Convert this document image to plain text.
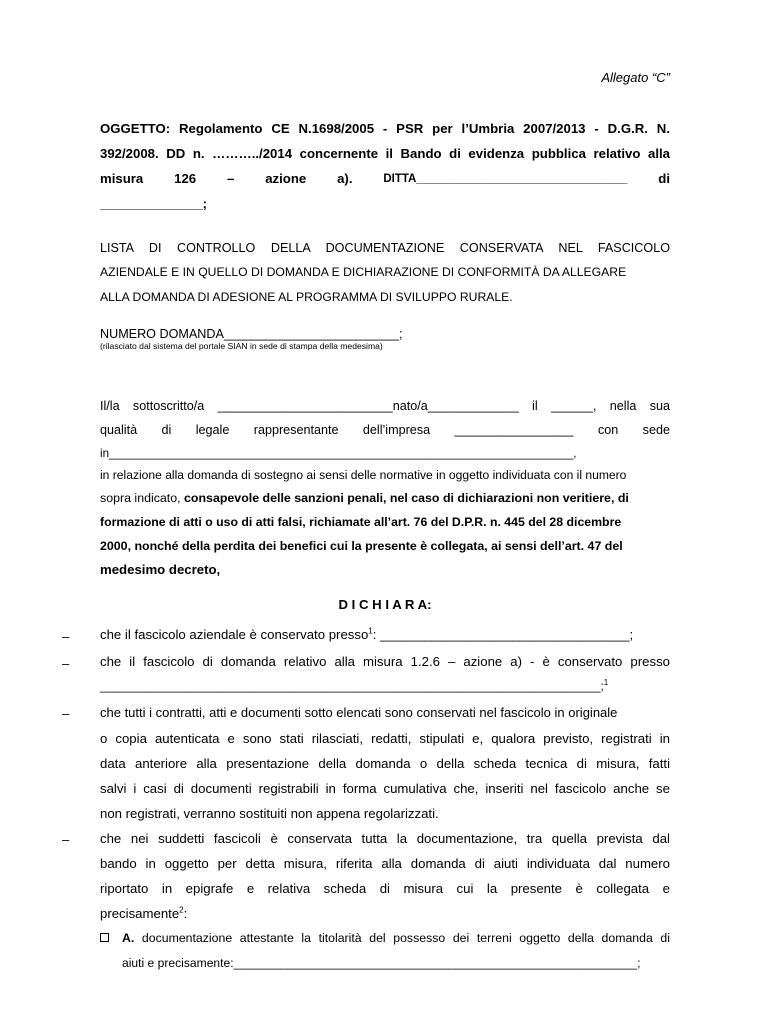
Allegato “C”
OGGETTO: Regolamento CE N.1698/2005 - PSR per l’Umbria 2007/2013 - D.G.R. N.
392/2008. DD n. ………../2014 concernente il Bando di evidenza pubblica relativo alla
misura 126 – azione a).	DITTA_________________________________ di
______________;
LISTA DI CONTROLLO DELLA DOCUMENTAZIONE CONSERVATA NEL FASCICOLO
AZIENDALE E IN QUELLO DI DOMANDA E DICHIARAZIONE DI CONFORMITÀ DA ALLEGARE
ALLA DOMANDA DI ADESIONE AL PROGRAMMA DI SVILUPPO RURALE.
NUMERO DOMANDA_________________________;
(rilasciato dal sistema del portale SIAN in sede di stampa della medesima)
Il/la sottoscritto/a _________________________nato/a_____________ il ______, nella sua
qualità di legale rappresentante dell’impresa _________________ con sede
in________________________________________________________________________,
in relazione alla domanda di sostegno ai sensi delle normative in oggetto individuata con il numero
sopra indicato, consapevole delle sanzioni penali, nel caso di dichiarazioni non veritiere, di
formazione di atti o uso di atti falsi, richiamate all’art. 76 del D.P.R. n. 445 del 28 dicembre
2000, nonché della perdita dei benefici cui la presente è collegata, ai sensi dell’art. 47 del
medesimo decreto,
D I C H I A R A:
– che il fascicolo aziendale è conservato presso$^1$: __________________________________;
– che il fascicolo di domanda relativo alla misura 1.2.6 – azione a) - è conservato presso
_____________________________________________________________________________;$^1$
– che tutti i contratti, atti e documenti sotto elencati sono conservati nel fascicolo in originale
o copia autenticata e sono stati rilasciati, redatti, stipulati e, qualora previsto, registrati in
data anteriore alla presentazione della domanda o della scheda tecnica di misura, fatti
salvi i casi di documenti registrabili in forma cumulativa che, inseriti nel fascicolo anche se
non registrati, verranno sostituiti non appena regolarizzati.
– che nei suddetti fascicoli è conservata tutta la documentazione, tra quella prevista dal
bando in oggetto per detta misura, riferita alla domanda di aiuti individuata dal numero
riportato in epigrafe e relativa scheda di misura cui la presente è collegata e
precisamente$^2$:
A. documentazione attestante la titolarità del possesso dei terreni oggetto della domanda di
aiuti e precisamente:____________________________________________________________;
